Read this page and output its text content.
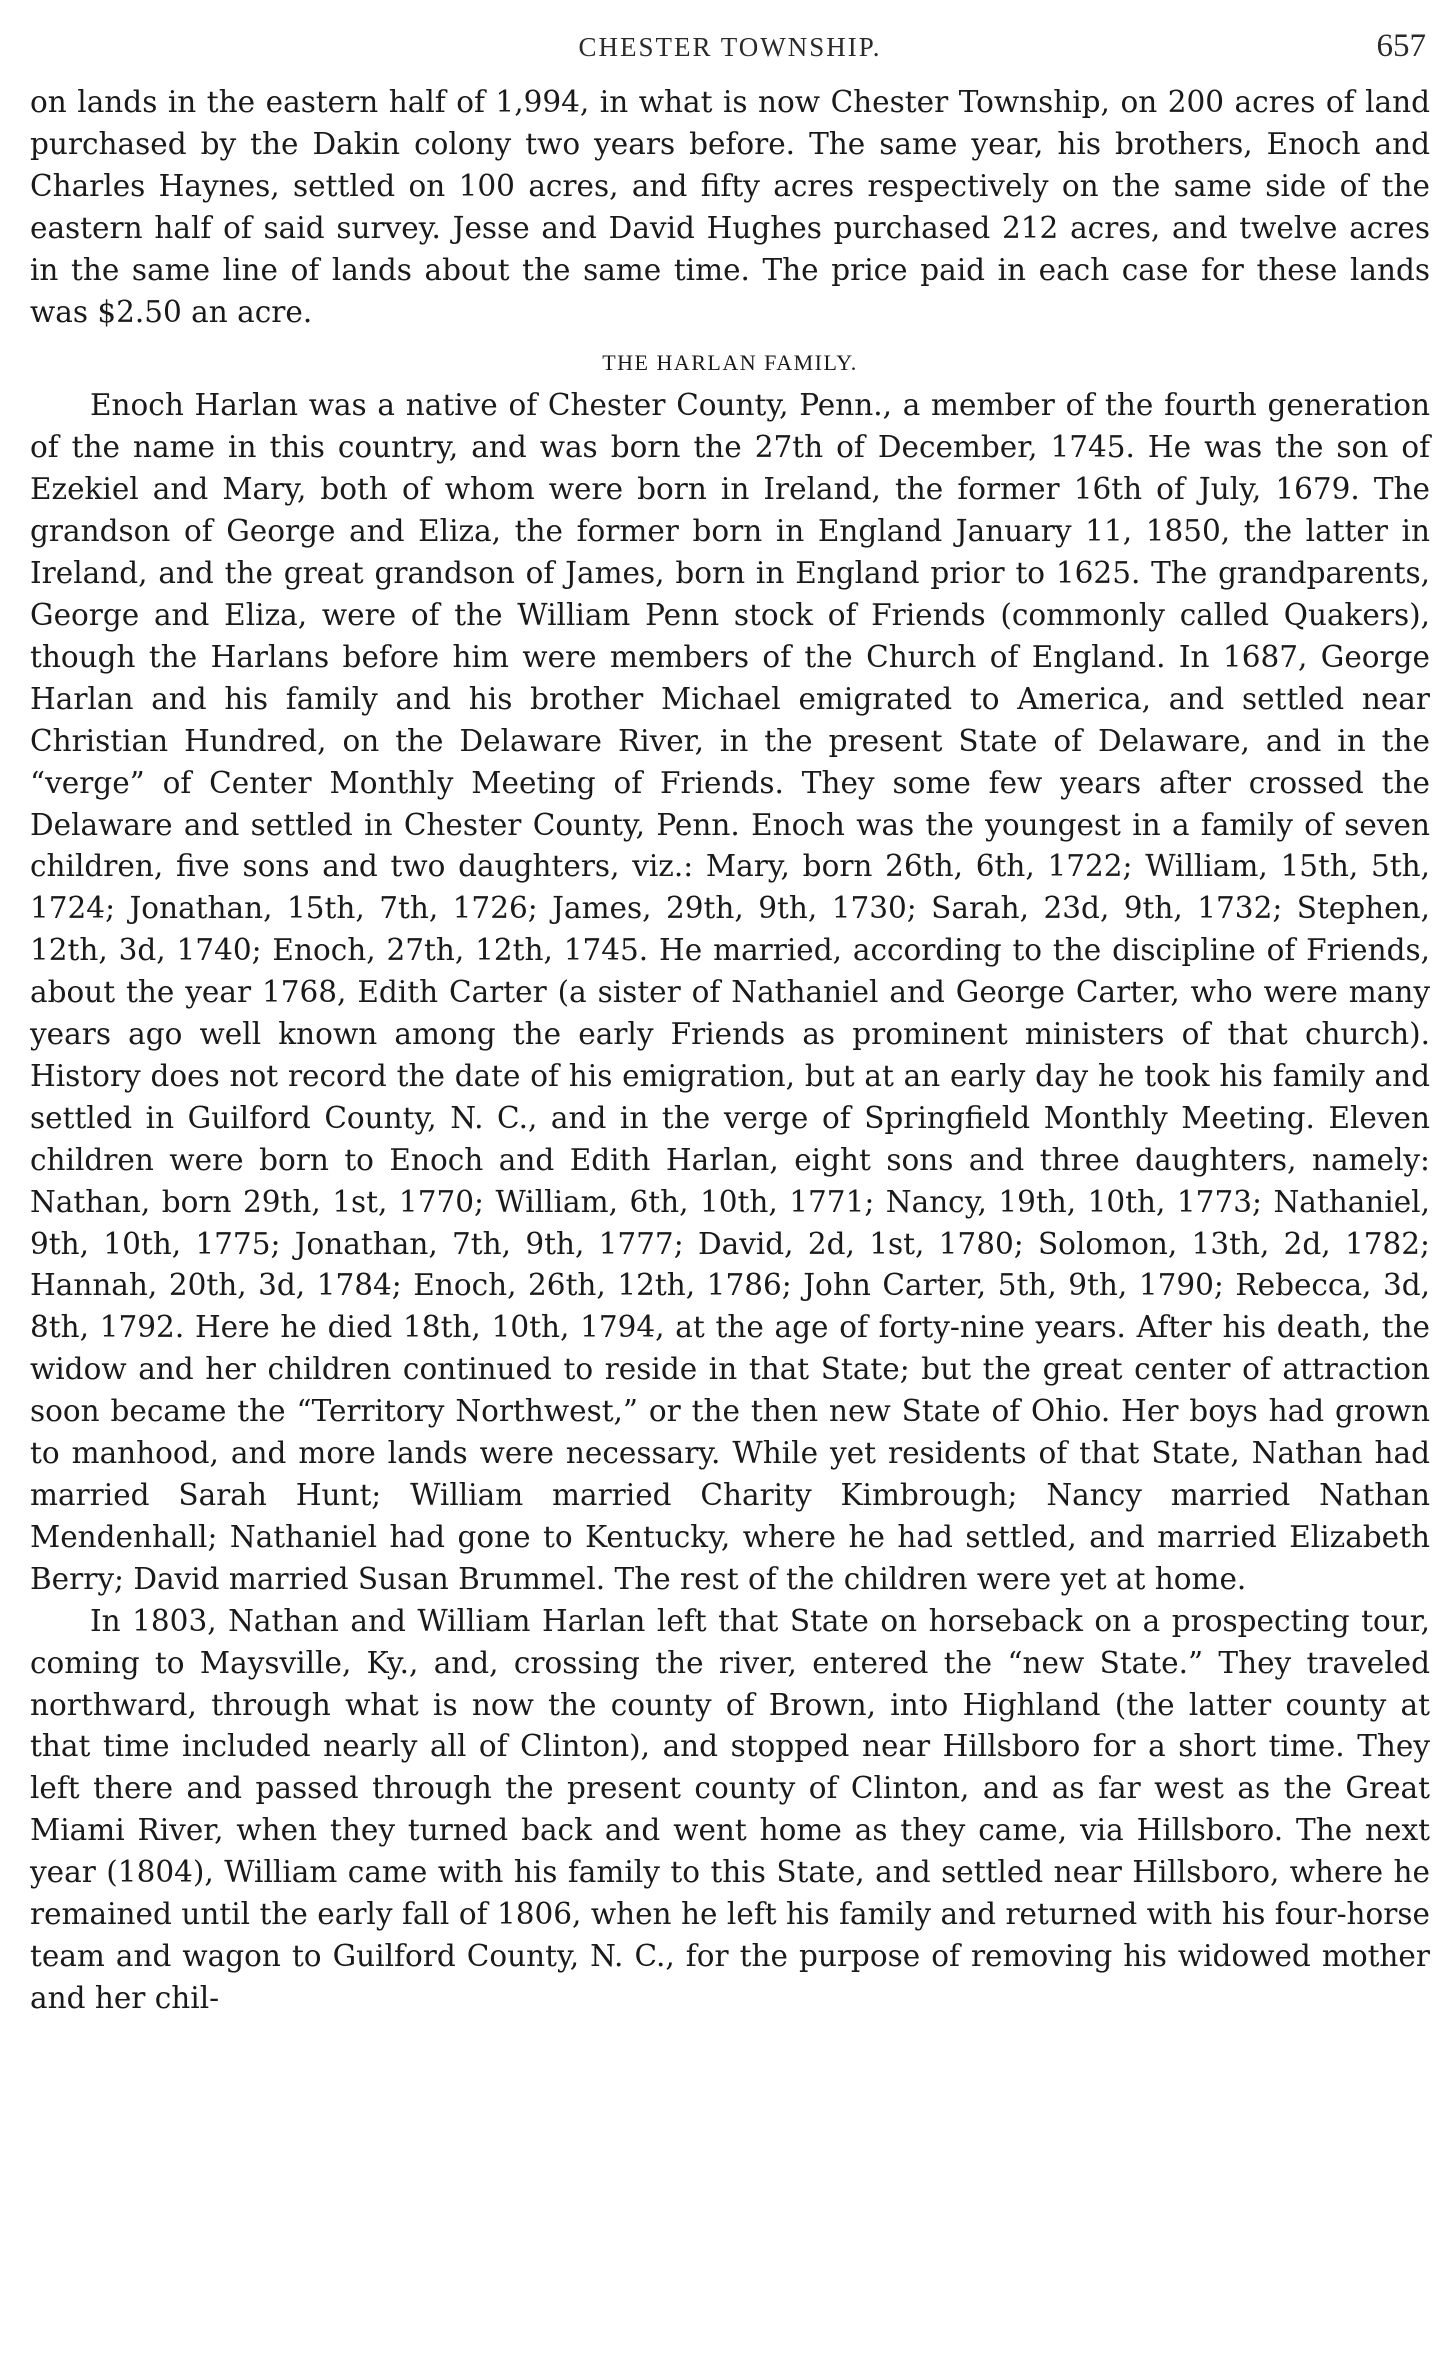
CHESTER TOWNSHIP.	657

on lands in the eastern half of 1,994, in what is now Chester Township, on 200 acres of land purchased by the Dakin colony two years before. The same year, his brothers, Enoch and Charles Haynes, settled on 100 acres, and fifty acres respectively on the same side of the eastern half of said survey. Jesse and David Hughes purchased 212 acres, and twelve acres in the same line of lands about the same time. The price paid in each case for these lands was $2.50 an acre.

THE HARLAN FAMILY.

Enoch Harlan was a native of Chester County, Penn., a member of the fourth generation of the name in this country, and was born the 27th of December, 1745. He was the son of Ezekiel and Mary, both of whom were born in Ireland, the former 16th of July, 1679. The grandson of George and Eliza, the former born in England January 11, 1850, the latter in Ireland, and the great grandson of James, born in England prior to 1625. The grandparents, George and Eliza, were of the William Penn stock of Friends (commonly called Quakers), though the Harlans before him were members of the Church of England. In 1687, George Harlan and his family and his brother Michael emigrated to America, and settled near Christian Hundred, on the Delaware River, in the present State of Delaware, and in the “verge” of Center Monthly Meeting of Friends. They some few years after crossed the Delaware and settled in Chester County, Penn. Enoch was the youngest in a family of seven children, five sons and two daughters, viz.: Mary, born 26th, 6th, 1722; William, 15th, 5th, 1724; Jonathan, 15th, 7th, 1726; James, 29th, 9th, 1730; Sarah, 23d, 9th, 1732; Stephen, 12th, 3d, 1740; Enoch, 27th, 12th, 1745. He married, according to the discipline of Friends, about the year 1768, Edith Carter (a sister of Nathaniel and George Carter, who were many years ago well known among the early Friends as prominent ministers of that church). History does not record the date of his emigration, but at an early day he took his family and settled in Guilford County, N. C., and in the verge of Springfield Monthly Meeting. Eleven children were born to Enoch and Edith Harlan, eight sons and three daughters, namely: Nathan, born 29th, 1st, 1770; William, 6th, 10th, 1771; Nancy, 19th, 10th, 1773; Nathaniel, 9th, 10th, 1775; Jonathan, 7th, 9th, 1777; David, 2d, 1st, 1780; Solomon, 13th, 2d, 1782; Hannah, 20th, 3d, 1784; Enoch, 26th, 12th, 1786; John Carter, 5th, 9th, 1790; Rebecca, 3d, 8th, 1792. Here he died 18th, 10th, 1794, at the age of forty-nine years. After his death, the widow and her children continued to reside in that State; but the great center of attraction soon became the “Territory Northwest,” or the then new State of Ohio. Her boys had grown to manhood, and more lands were necessary. While yet residents of that State, Nathan had married Sarah Hunt; William married Charity Kimbrough; Nancy married Nathan Mendenhall; Nathaniel had gone to Kentucky, where he had settled, and married Elizabeth Berry; David married Susan Brummel. The rest of the children were yet at home.

In 1803, Nathan and William Harlan left that State on horseback on a prospecting tour, coming to Maysville, Ky., and, crossing the river, entered the “new State.” They traveled northward, through what is now the county of Brown, into Highland (the latter county at that time included nearly all of Clinton), and stopped near Hillsboro for a short time. They left there and passed through the present county of Clinton, and as far west as the Great Miami River, when they turned back and went home as they came, via Hillsboro. The next year (1804), William came with his family to this State, and settled near Hillsboro, where he remained until the early fall of 1806, when he left his family and returned with his four-horse team and wagon to Guilford County, N. C., for the purpose of removing his widowed mother and her chil-
